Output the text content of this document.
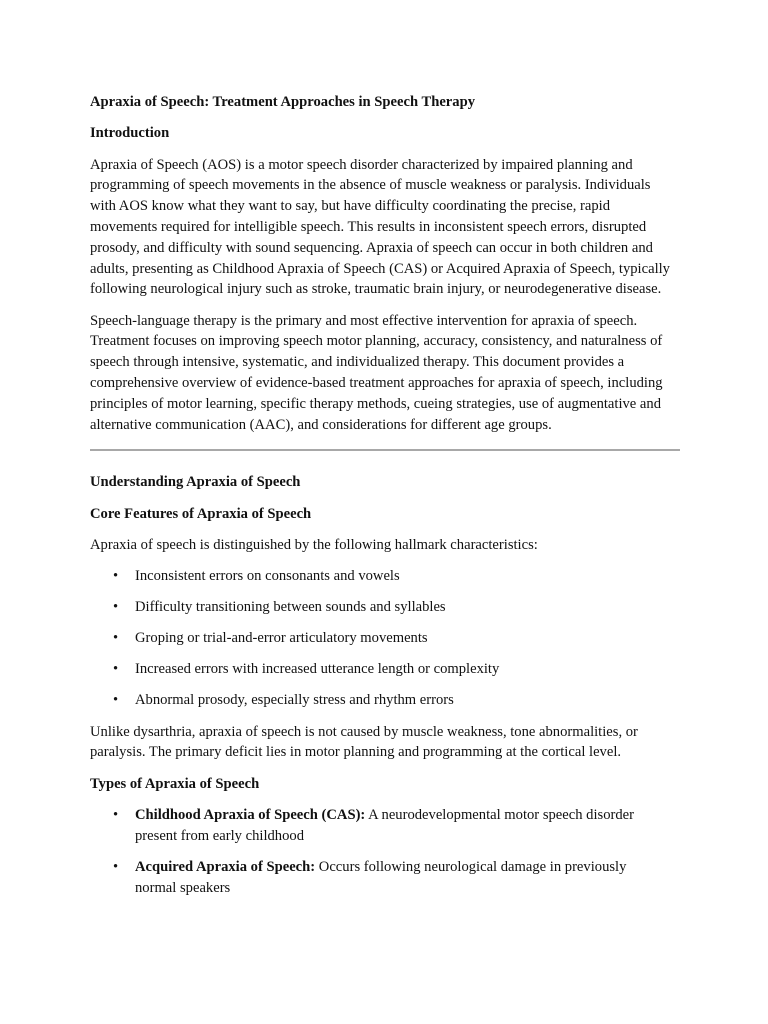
Apraxia of Speech: Treatment Approaches in Speech Therapy
Introduction

Apraxia of Speech (AOS) is a motor speech disorder characterized by impaired planning and programming of speech movements in the absence of muscle weakness or paralysis. Individuals with AOS know what they want to say, but have difficulty coordinating the precise, rapid movements required for intelligible speech. This results in inconsistent speech errors, disrupted prosody, and difficulty with sound sequencing. Apraxia of speech can occur in both children and adults, presenting as Childhood Apraxia of Speech (CAS) or Acquired Apraxia of Speech, typically following neurological injury such as stroke, traumatic brain injury, or neurodegenerative disease.

Speech-language therapy is the primary and most effective intervention for apraxia of speech. Treatment focuses on improving speech motor planning, accuracy, consistency, and naturalness of speech through intensive, systematic, and individualized therapy. This document provides a comprehensive overview of evidence-based treatment approaches for apraxia of speech, including principles of motor learning, specific therapy methods, cueing strategies, use of augmentative and alternative communication (AAC), and considerations for different age groups.

Understanding Apraxia of Speech
Core Features of Apraxia of Speech

Apraxia of speech is distinguished by the following hallmark characteristics:

• Inconsistent errors on consonants and vowels
• Difficulty transitioning between sounds and syllables
• Groping or trial-and-error articulatory movements
• Increased errors with increased utterance length or complexity
• Abnormal prosody, especially stress and rhythm errors

Unlike dysarthria, apraxia of speech is not caused by muscle weakness, tone abnormalities, or paralysis. The primary deficit lies in motor planning and programming at the cortical level.

Types of Apraxia of Speech
• Childhood Apraxia of Speech (CAS): A neurodevelopmental motor speech disorder present from early childhood
• Acquired Apraxia of Speech: Occurs following neurological damage in previously normal speakers
